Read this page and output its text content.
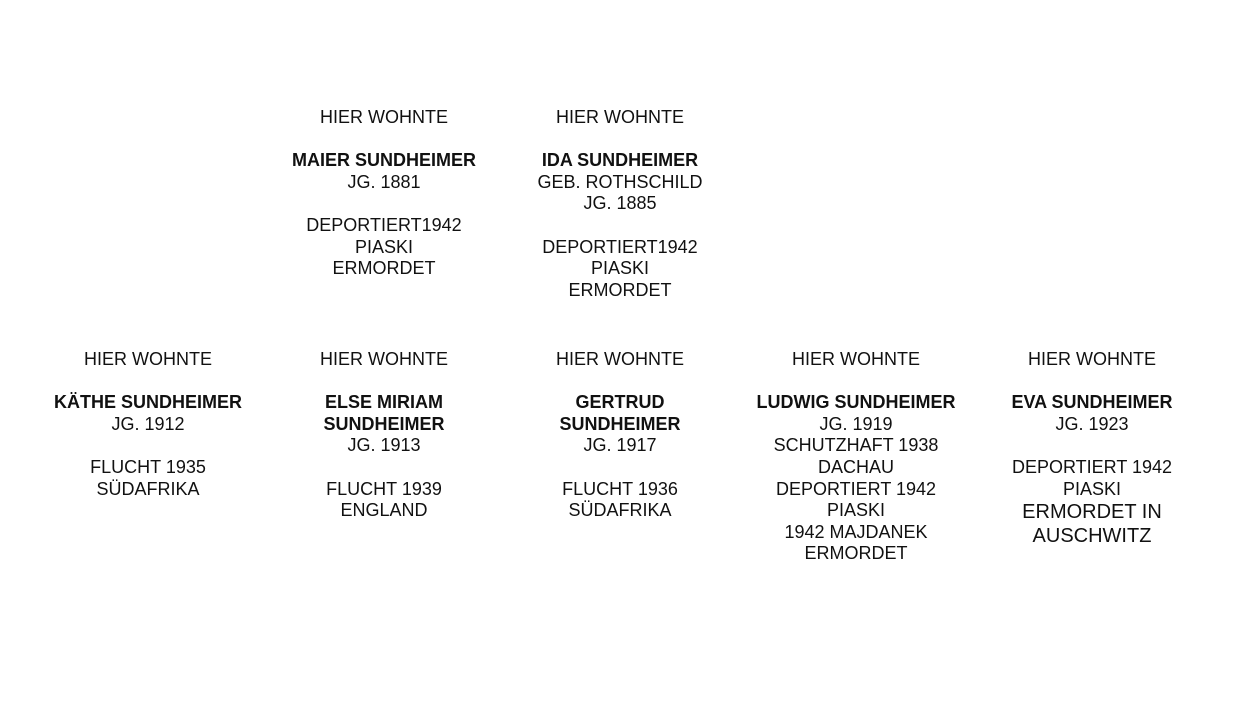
HIER WOHNTE

MAIER SUNDHEIMER

JG. 1881

DEPORTIERT1942

PIASKI

ERMORDET

HIER WOHNTE

IDA SUNDHEIMER

GEB. ROTHSCHILD

JG. 1885

DEPORTIERT1942

PIASKI

ERMORDET

HIER WOHNTE

KÄTHE SUNDHEIMER

JG. 1912

FLUCHT 1935

SÜDAFRIKA

HIER WOHNTE

ELSE MIRIAM SUNDHEIMER

JG. 1913

FLUCHT 1939

ENGLAND

HIER WOHNTE

GERTRUD SUNDHEIMER

JG. 1917

FLUCHT 1936

SÜDAFRIKA

HIER WOHNTE

LUDWIG SUNDHEIMER

JG. 1919

SCHUTZHAFT 1938

DACHAU

DEPORTIERT 1942

PIASKI

1942 MAJDANEK

ERMORDET

HIER WOHNTE

EVA SUNDHEIMER

JG. 1923

DEPORTIERT 1942

PIASKI

ERMORDET IN AUSCHWITZ
